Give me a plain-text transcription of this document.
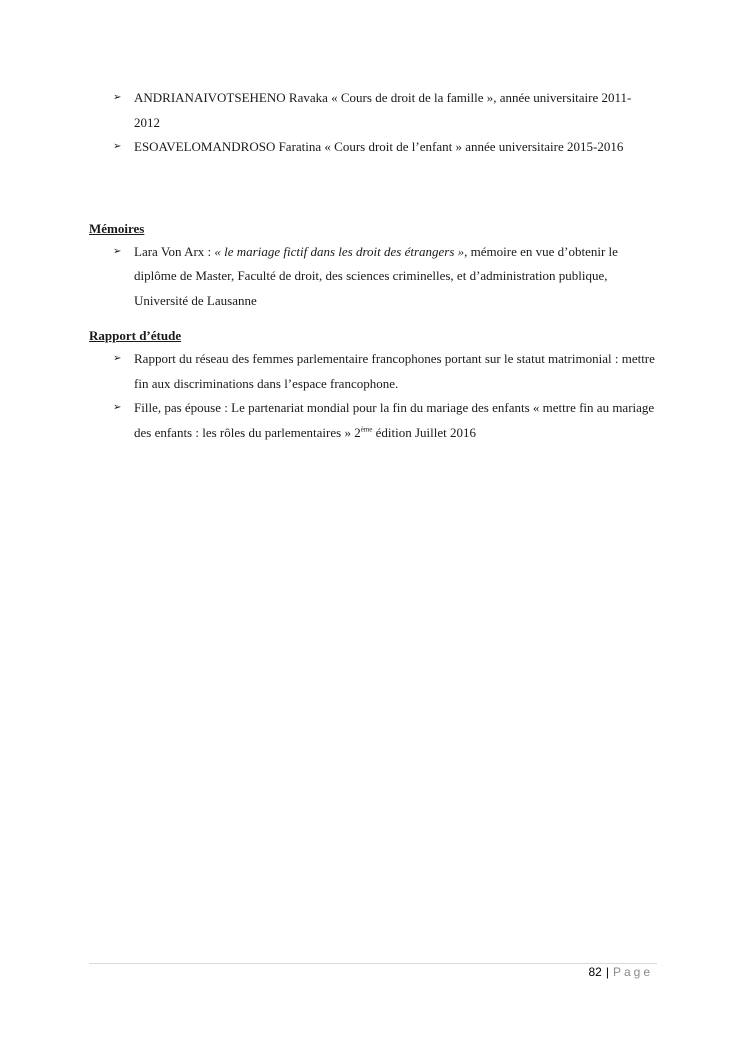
➢ ANDRIANAIVOTSEHENO Ravaka « Cours de droit de la famille », année universitaire 2011-2012
➢ ESOAVELOMANDROSO Faratina « Cours droit de l’enfant » année universitaire 2015-2016
Mémoires
➢ Lara Von Arx : « le mariage fictif dans les droit des étrangers », mémoire en vue d’obtenir le diplôme de Master, Faculté de droit, des sciences criminelles, et d’administration publique, Université de Lausanne
Rapport d’étude
➢ Rapport du réseau des femmes parlementaire francophones portant sur le statut matrimonial : mettre fin aux discriminations dans l’espace francophone.
➢ Fille, pas épouse : Le partenariat mondial pour la fin du mariage des enfants « mettre fin au mariage des enfants : les rôles du parlementaires » 2ème édition Juillet 2016
82 | Page
